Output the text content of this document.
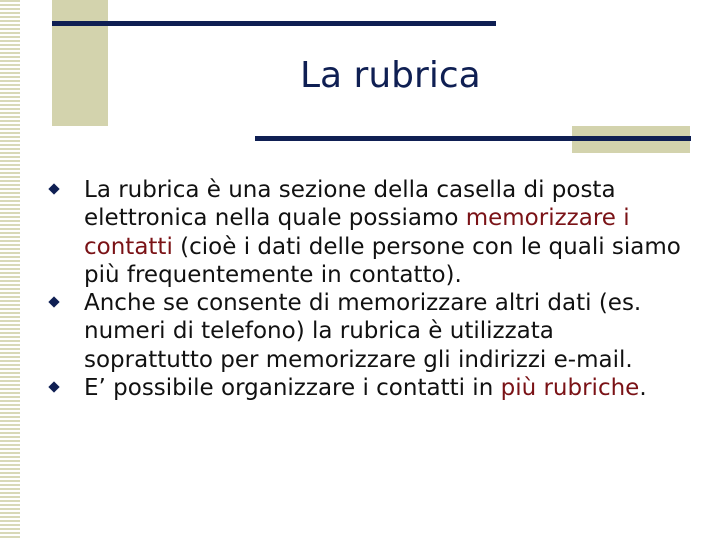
La rubrica

La rubrica è una sezione della casella di posta elettronica nella quale possiamo memorizzare i contatti (cioè i dati delle persone con le quali siamo più frequentemente in contatto).

Anche se consente di memorizzare altri dati (es. numeri di telefono) la rubrica è utilizzata soprattutto per memorizzare gli indirizzi e-mail.

E’ possibile organizzare i contatti in più rubriche.
